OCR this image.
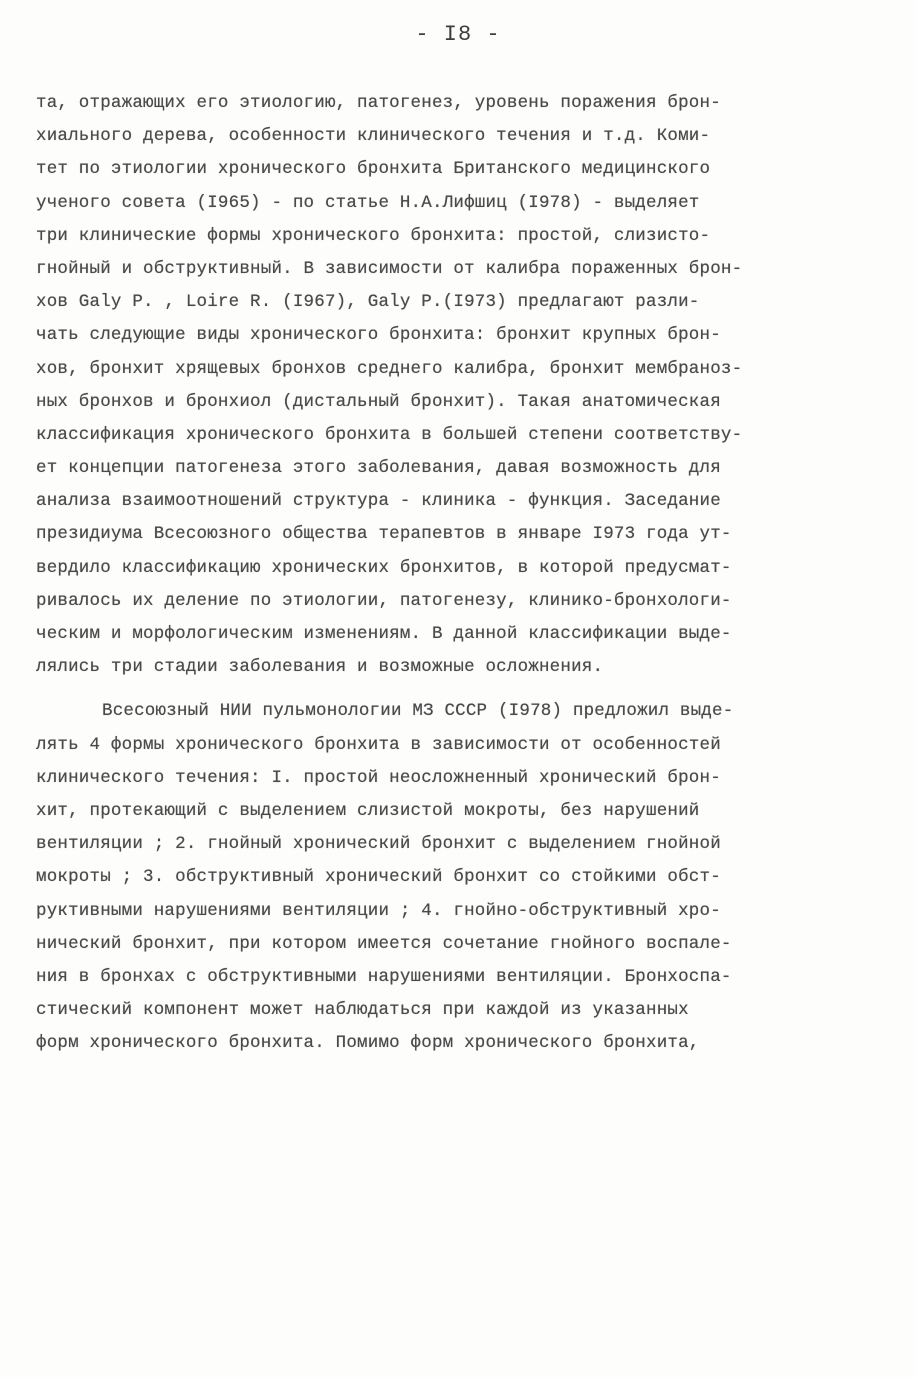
- I8 -
та, отражающих его этиологию, патогенез, уровень поражения брон-
хиального дерева, особенности клинического течения и т.д. Коми-
тет по этиологии хронического бронхита Британского медицинского
ученого совета (I965) - по статье Н.А.Лифшиц (I978) - выделяет
три клинические формы хронического бронхита: простой, слизисто-
гнойный и обструктивный. В зависимости от калибра пораженных брон-
хов Galy P. , Loire R. (I967), Galy P.(I973) предлагают разли-
чать следующие виды хронического бронхита: бронхит крупных брон-
хов, бронхит хрящевых бронхов среднего калибра, бронхит мембраноз-
ных бронхов и бронхиол (дистальный бронхит). Такая анатомическая
классификация хронического бронхита в большей степени соответству-
ет концепции патогенеза этого заболевания, давая возможность для
анализа взаимоотношений структура - клиника - функция. Заседание
президиума Всесоюзного общества терапевтов в январе I973 года ут-
вердило классификацию хронических бронхитов, в которой предусмат-
ривалось их деление по этиологии, патогенезу, клинико-бронхологи-
ческим и морфологическим изменениям. В данной классификации выде-
лялись три стадии заболевания и возможные осложнения.
Всесоюзный НИИ пульмонологии МЗ СССР (I978) предложил выде-
лять 4 формы хронического бронхита в зависимости от особенностей
клинического течения: I. простой неосложненный хронический брон-
хит, протекающий с выделением слизистой мокроты, без нарушений
вентиляции ; 2. гнойный хронический бронхит с выделением гнойной
мокроты ; 3. обструктивный хронический бронхит со стойкими обст-
руктивными нарушениями вентиляции ; 4. гнойно-обструктивный хро-
нический бронхит, при котором имеется сочетание гнойного воспале-
ния в бронхах с обструктивными нарушениями вентиляции. Бронхоспа-
стический компонент может наблюдаться при каждой из указанных
форм хронического бронхита. Помимо форм хронического бронхита,
